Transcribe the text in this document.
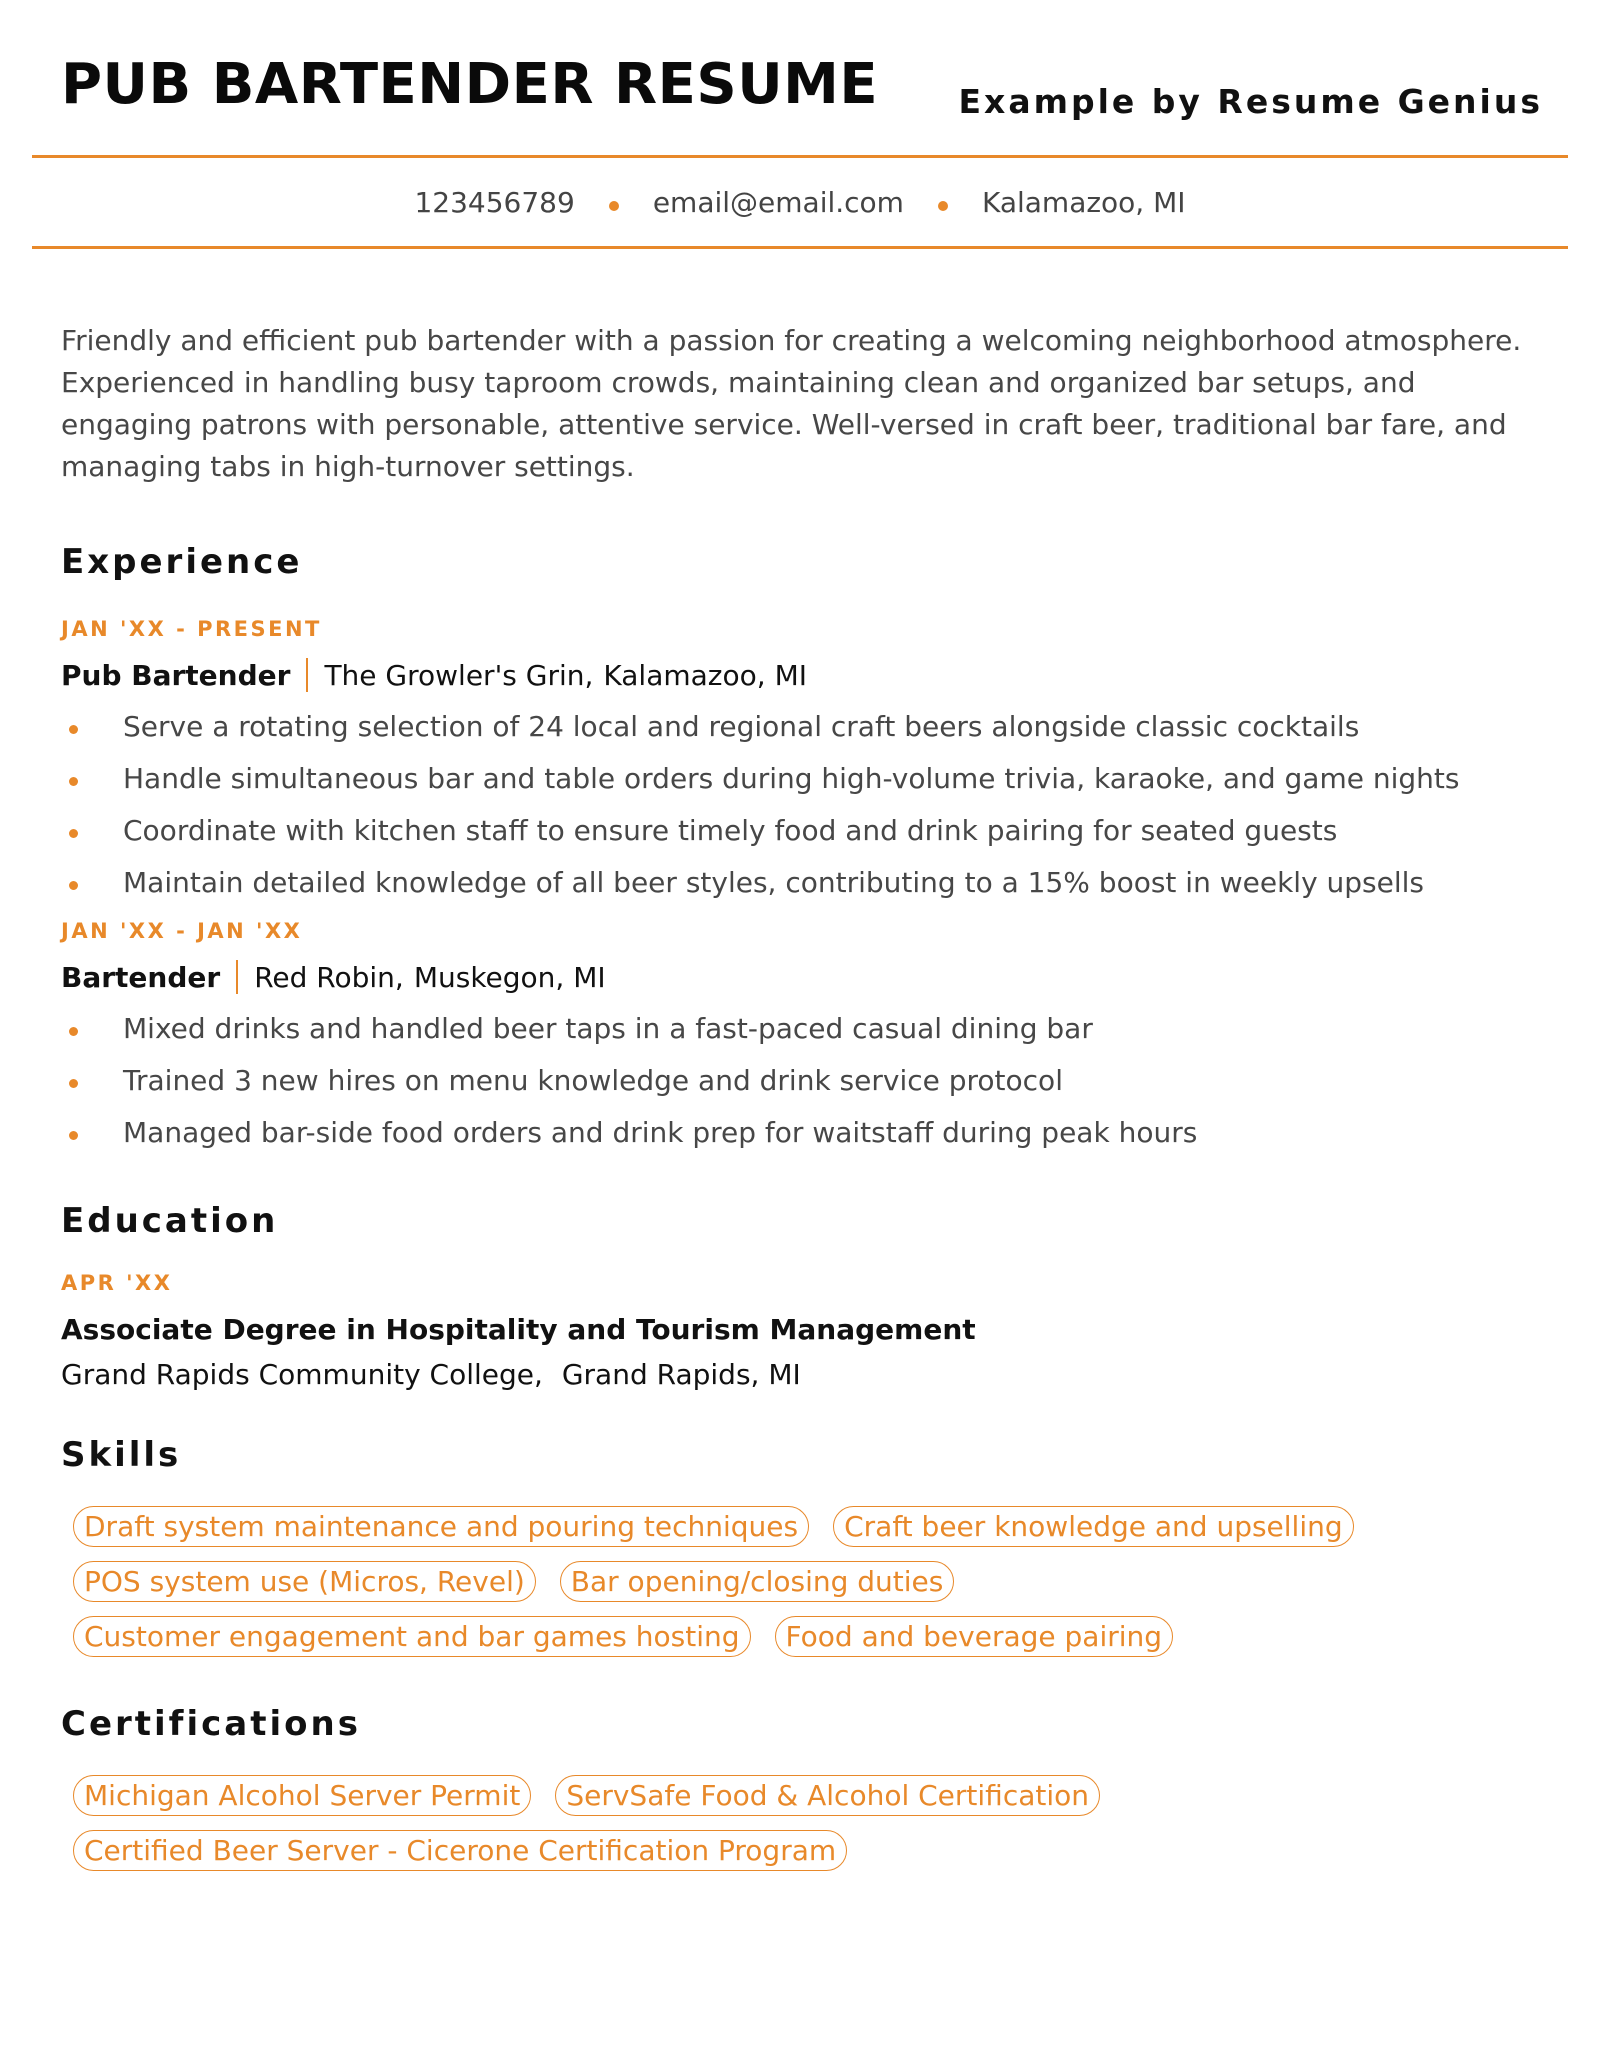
PUB BARTENDER RESUME Example by Resume Genius
123456789	email@email.com	Kalamazoo, MI

Friendly and efficient pub bartender with a passion for creating a welcoming neighborhood atmosphere. Experienced in handling busy taproom crowds, maintaining clean and organized bar setups, and engaging patrons with personable, attentive service. Well-versed in craft beer, traditional bar fare, and managing tabs in high-turnover settings.

Experience
JAN 'XX - PRESENT
Pub Bartender The Growler's Grin, Kalamazoo, MI
Serve a rotating selection of 24 local and regional craft beers alongside classic cocktails
Handle simultaneous bar and table orders during high-volume trivia, karaoke, and game nights
Coordinate with kitchen staff to ensure timely food and drink pairing for seated guests
Maintain detailed knowledge of all beer styles, contributing to a 15% boost in weekly upsells
JAN 'XX - JAN 'XX
Bartender Red Robin, Muskegon, MI
Mixed drinks and handled beer taps in a fast-paced casual dining bar
Trained 3 new hires on menu knowledge and drink service protocol
Managed bar-side food orders and drink prep for waitstaff during peak hours
Education
APR 'XX
Associate Degree in Hospitality and Tourism Management
Grand Rapids Community College, Grand Rapids, MI
Skills
Draft system maintenance and pouring techniques	Craft beer knowledge and upselling
POS system use (Micros, Revel)	Bar opening/closing duties
Customer engagement and bar games hosting	Food and beverage pairing
Certifications
Michigan Alcohol Server Permit	ServSafe Food & Alcohol Certification
Certified Beer Server - Cicerone Certification Program
